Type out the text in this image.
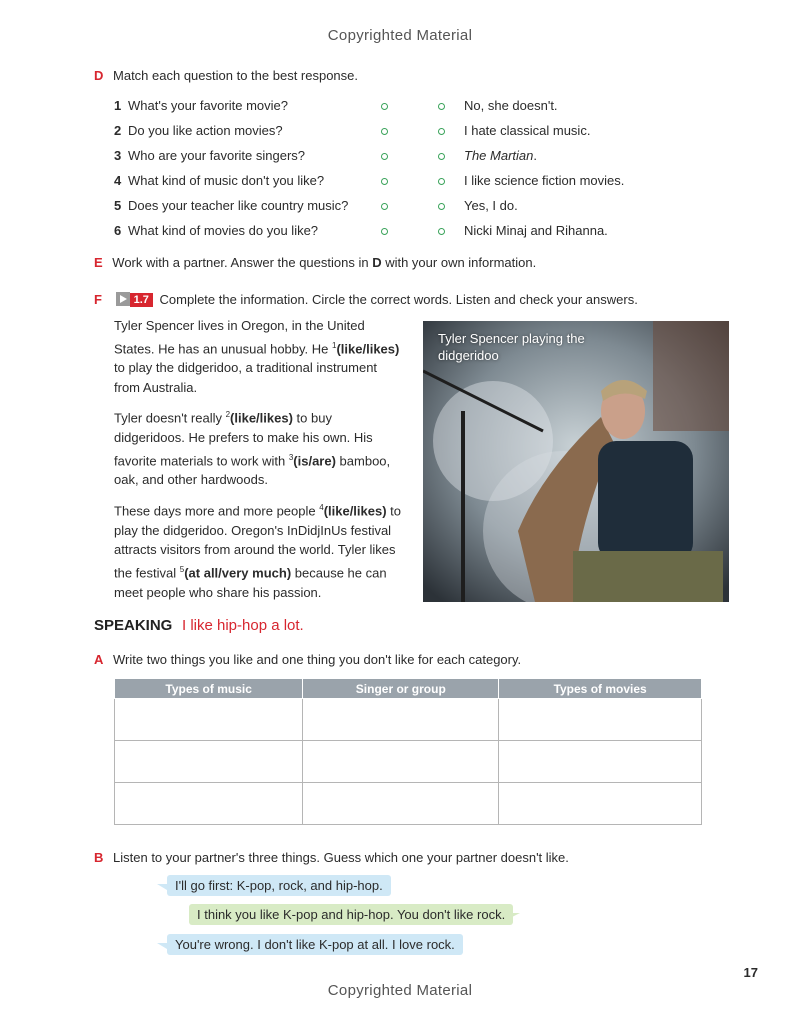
Copyrighted Material
D Match each question to the best response.
1 What's your favorite movie?
2 Do you like action movies?
3 Who are your favorite singers?
4 What kind of music don't you like?
5 Does your teacher like country music?
6 What kind of movies do you like?
No, she doesn't.
I hate classical music.
The Martian.
I like science fiction movies.
Yes, I do.
Nicki Minaj and Rihanna.
E Work with a partner. Answer the questions in D with your own information.
F	1.7 Complete the information. Circle the correct words. Listen and check your answers.

Tyler Spencer lives in Oregon, in the United States. He has an unusual hobby. He $^1$(like/likes) to play the didgeridoo, a traditional instrument from Australia.

Tyler doesn't really $^2$(like/likes) to buy didgeridoos. He prefers to make his own. His favorite materials to work with $^3$(is/are) bamboo, oak, and other hardwoods.

These days more and more people $^4$(like/likes) to play the didgeridoo. Oregon's InDidjInUs festival attracts visitors from around the world. Tyler likes the festival $^5$(at all/very much) because he can meet people who share his passion.

Tyler Spencer playing the didgeridoo
SPEAKING I like hip-hop a lot.
A Write two things you like and one thing you don't like for each category.
Types of music	Singer or group	Types of movies

B Listen to your partner's three things. Guess which one your partner doesn't like.
I'll go first: K-pop, rock, and hip-hop.
I think you like K-pop and hip-hop. You don't like rock.
You're wrong. I don't like K-pop at all. I love rock.
17
Copyrighted Material
